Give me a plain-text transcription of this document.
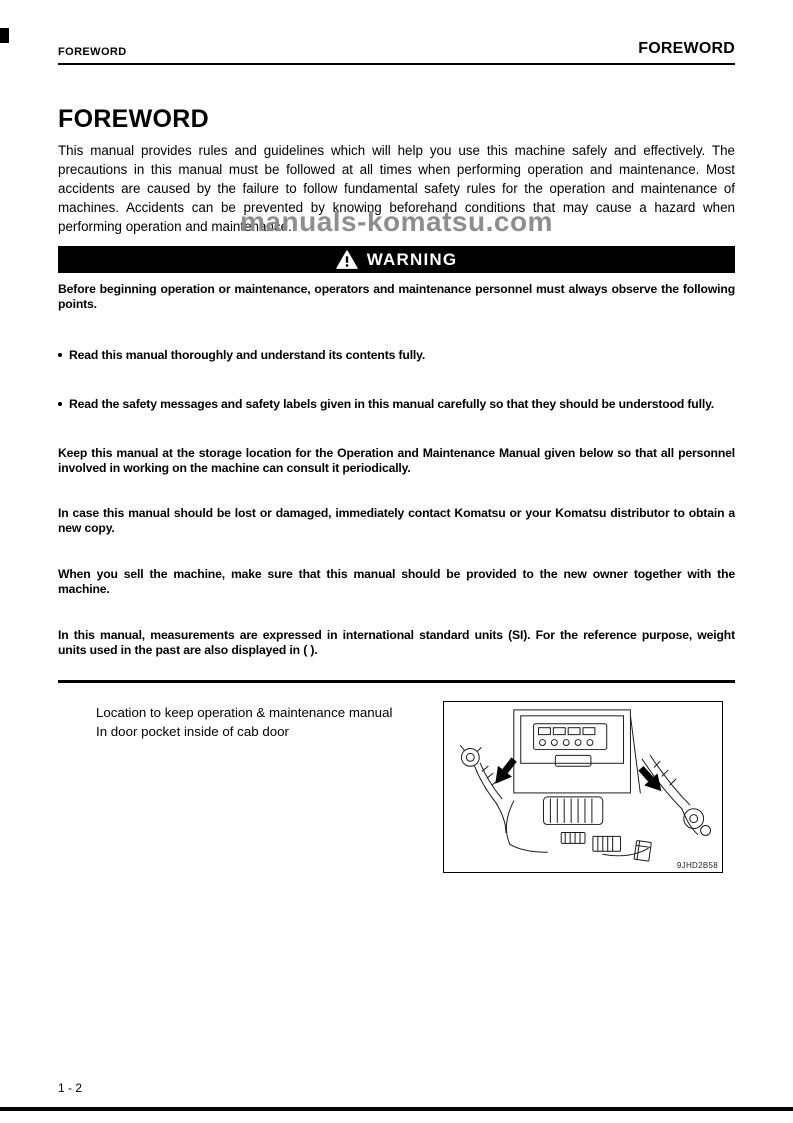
FOREWORD	FOREWORD
FOREWORD

This manual provides rules and guidelines which will help you use this machine safely and effectively. The precautions in this manual must be followed at all times when performing operation and maintenance. Most accidents are caused by the failure to follow fundamental safety rules for the operation and maintenance of machines. Accidents can be prevented by knowing beforehand conditions that may cause a hazard when performing operation and maintenance.

WARNING

Before beginning operation or maintenance, operators and maintenance personnel must always observe the following points.

Read this manual thoroughly and understand its contents fully.
Read the safety messages and safety labels given in this manual carefully so that they should be understood fully.

Keep this manual at the storage location for the Operation and Maintenance Manual given below so that all personnel involved in working on the machine can consult it periodically.

In case this manual should be lost or damaged, immediately contact Komatsu or your Komatsu distributor to obtain a new copy.

When you sell the machine, make sure that this manual should be provided to the new owner together with the machine.

In this manual, measurements are expressed in international standard units (SI). For the reference purpose, weight units used in the past are also displayed in ( ).

Location to keep operation & maintenance manual
In door pocket inside of cab door
9JHD2B58
manuals-komatsu.com
1 - 2
